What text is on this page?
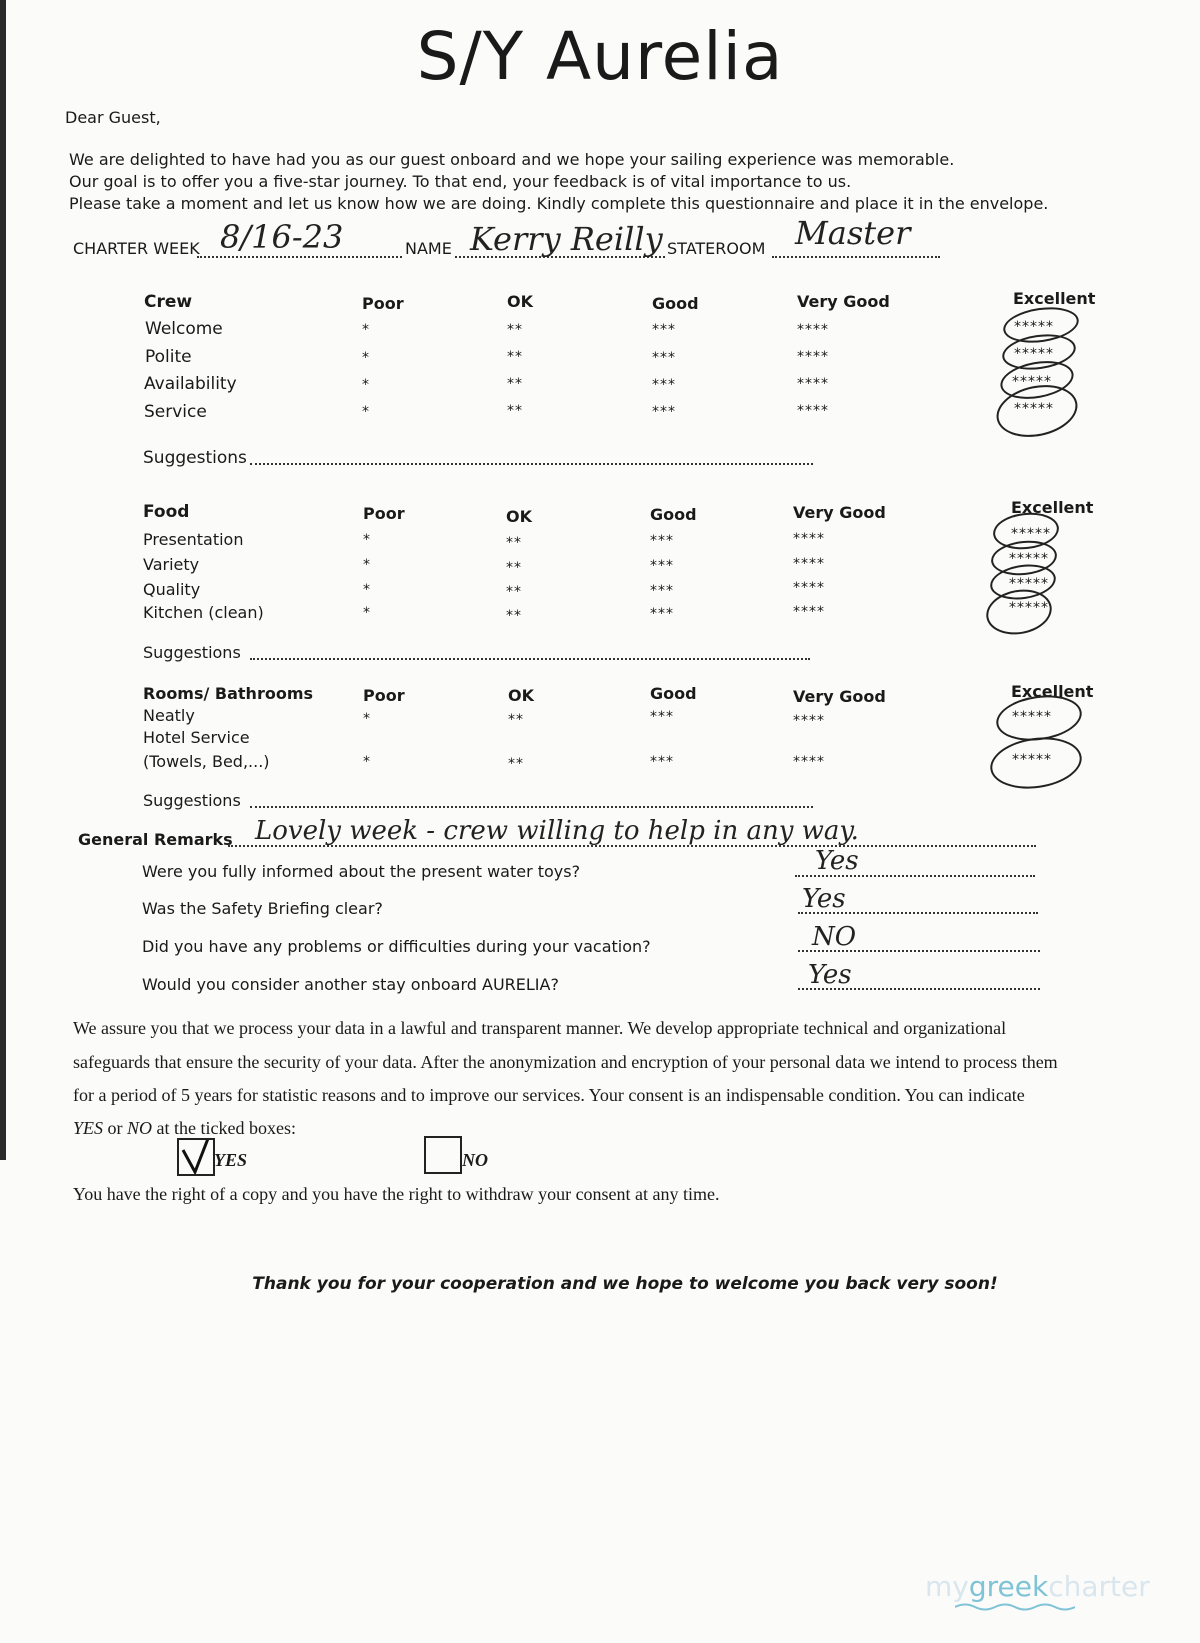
S/Y Aurelia
Dear Guest,
We are delighted to have had you as our guest onboard and we hope your sailing experience was memorable.
Our goal is to offer you a five-star journey. To that end, your feedback is of vital importance to us.
Please take a moment and let us know how we are doing. Kindly complete this questionnaire and place it in the envelope.
CHARTER WEEK 8/16-23	NAME Kerry Reilly STATEROOM Master
Crew	Poor	OK	Good	Very Good	Excellent
Welcome	*	**	***	****	*****
Polite	*	**	***	****	*****
Availability	*	**	***	****	*****
Service	*	**	***	****	*****
Suggestions
Food	Poor	OK	Good	Very Good	Excellent
Presentation	*	**	***	****	*****
Variety	*	**	***	****	*****
Quality	*	**	***	****	*****
Kitchen (clean)	*	**	***	****	*****
Suggestions
Rooms/ Bathrooms	Poor	OK	Good	Very Good	Excellent
Neatly	*	**	***	****	*****
Hotel Service
(Towels, Bed,...)	*	**	***	****	*****
Suggestions
General Remarks Lovely week - crew willing to help in any way.
Were you fully informed about the present water toys?	Yes
Was the Safety Briefing clear?	Yes
Did you have any problems or difficulties during your vacation?	NO
Would you consider another stay onboard AURELIA?	Yes
We assure you that we process your data in a lawful and transparent manner. We develop appropriate technical and organizational
safeguards that ensure the security of your data. After the anonymization and encryption of your personal data we intend to process them
for a period of 5 years for statistic reasons and to improve our services. Your consent is an indispensable condition. You can indicate
YES or NO at the ticked boxes:
YES	NO
You have the right of a copy and you have the right to withdraw your consent at any time.
Thank you for your cooperation and we hope to welcome you back very soon!
mygreekcharter
